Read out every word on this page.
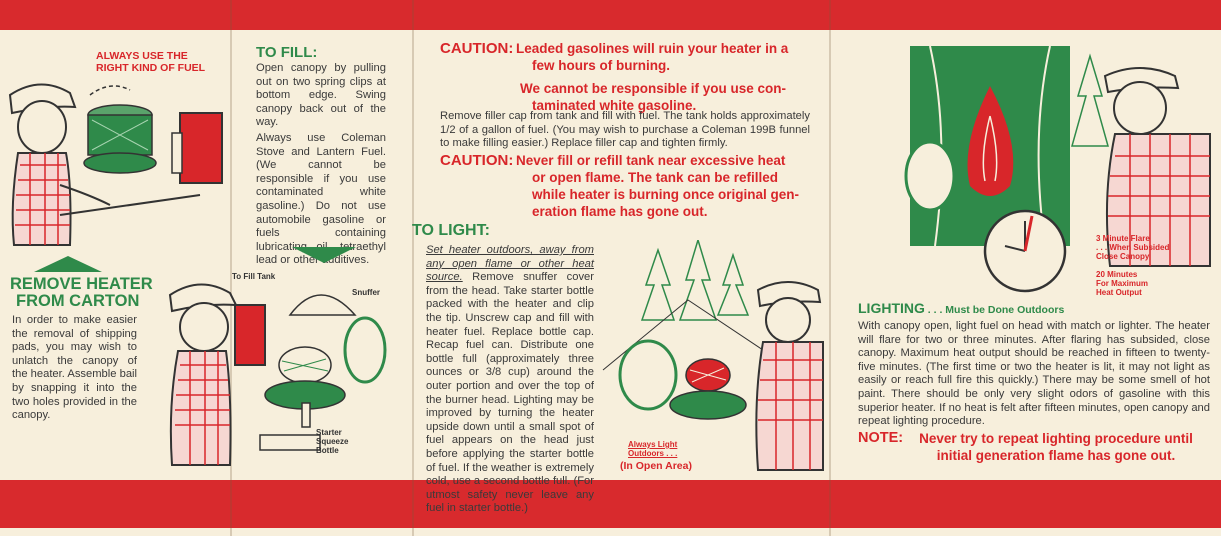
ALWAYS USE THE
RIGHT KIND OF FUEL
REMOVE HEATER
FROM CARTON
In order to make easier the removal of shipping pads, you may wish to unlatch the canopy of the heater. Assemble bail by snapping it into the two holes provided in the canopy.
TO FILL:
Open canopy by pulling out on two spring clips at bottom edge. Swing canopy back out of the way.
Always use Coleman Stove and Lantern Fuel. (We cannot be responsible if you use contaminated white gasoline.) Do not use automobile gasoline or fuels containing lubricating oil, tetraethyl lead or other additives.
To Fill Tank
Snuffer
Starter
Squeeze
Bottle
CAUTION: Leaded gasolines will ruin your heater in a
few hours of burning.
We cannot be responsible if you use con-
taminated white gasoline.
Remove filler cap from tank and fill with fuel. The tank holds approximately 1/2 of a gallon of fuel. (You may wish to purchase a Coleman 199B funnel to make filling easier.) Replace filler cap and tighten firmly.
CAUTION: Never fill or refill tank near excessive heat
or open flame. The tank can be refilled
while heater is burning once original gen-
eration flame has gone out.
TO LIGHT:
Set heater outdoors, away from any open flame or other heat source. Remove snuffer cover from the head. Take starter bottle packed with the heater and clip the tip. Unscrew cap and fill with heater fuel. Replace bottle cap. Recap fuel can. Distribute one bottle full (approximately three ounces or 3/8 cup) around the outer portion and over the top of the burner head. Lighting may be improved by turning the heater upside down until a small spot of fuel appears on the head just before applying the starter bottle of fuel. If the weather is extremely cold, use a second bottle full. (For utmost safety never leave any fuel in starter bottle.)
Always Light
Outdoors . . .
(In Open Area)
3 Minute Flare
. . . When Subsided
Close Canopy
20 Minutes
For Maximum
Heat Output
LIGHTING . . . Must be Done Outdoors
With canopy open, light fuel on head with match or lighter. The heater will flare for two or three minutes. After flaring has subsided, close canopy. Maximum heat output should be reached in fifteen to twenty-five minutes. (The first time or two the heater is lit, it may not light as easily or reach full fire this quickly.) There may be some smell of hot paint. There should be only very slight odors of gasoline with this superior heater. If no heat is felt after fifteen minutes, open canopy and repeat lighting procedure.
NOTE:	Never try to repeat lighting procedure until initial generation flame has gone out.
